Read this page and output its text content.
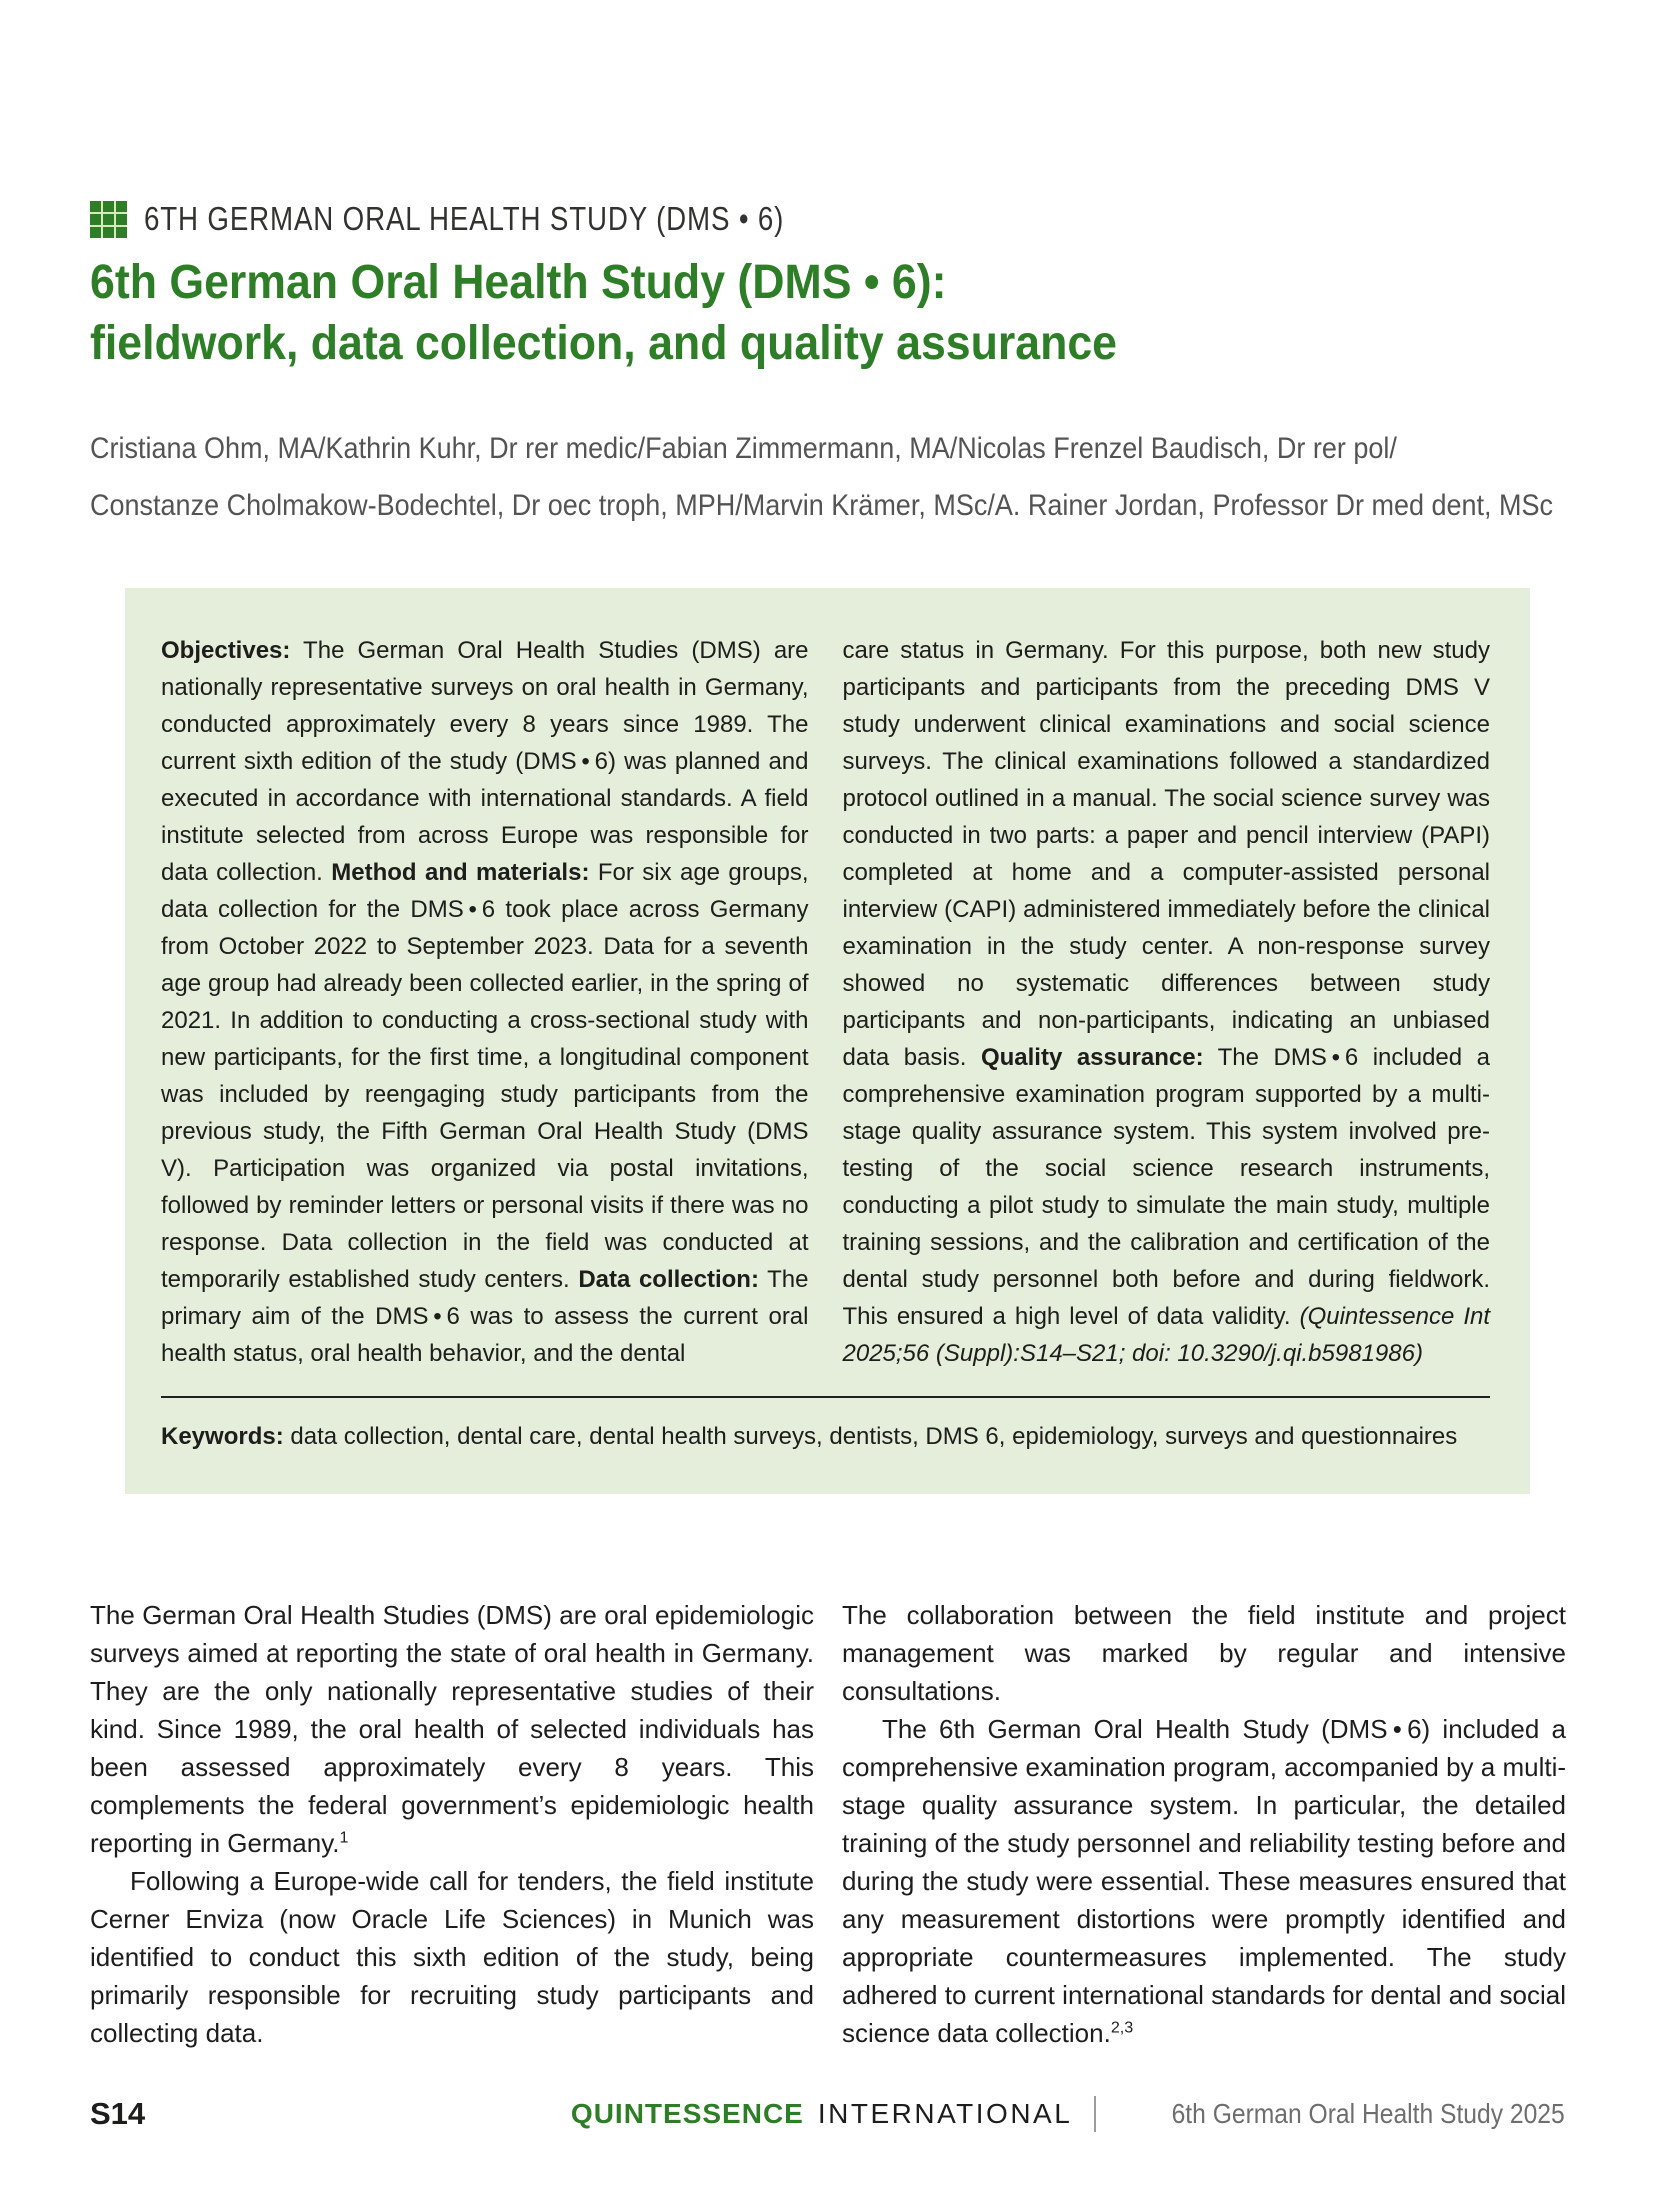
6TH GERMAN ORAL HEALTH STUDY (DMS • 6)
6th German Oral Health Study (DMS • 6):
fieldwork, data collection, and quality assurance
Cristiana Ohm, MA/Kathrin Kuhr, Dr rer medic/Fabian Zimmermann, MA/Nicolas Frenzel Baudisch, Dr rer pol/
Constanze Cholmakow-Bodechtel, Dr oec troph, MPH/Marvin Krämer, MSc/A. Rainer Jordan, Professor Dr med dent, MSc
Objectives: The German Oral Health Studies (DMS) are nationally representative surveys on oral health in Germany, conducted approximately every 8 years since 1989. The current sixth edition of the study (DMS • 6) was planned and executed in accordance with international standards. A field institute selected from across Europe was responsible for data collection. Method and materials: For six age groups, data collection for the DMS • 6 took place across Germany from October 2022 to September 2023. Data for a seventh age group had already been collected earlier, in the spring of 2021. In addition to conducting a cross-sectional study with new participants, for the first time, a longitudinal component was included by reengaging study participants from the previous study, the Fifth German Oral Health Study (DMS V). Participation was organized via postal invitations, followed by reminder letters or personal visits if there was no response. Data collection in the field was conducted at temporarily established study centers. Data collection: The primary aim of the DMS • 6 was to assess the current oral health status, oral health behavior, and the dental
care status in Germany. For this purpose, both new study participants and participants from the preceding DMS V study underwent clinical examinations and social science surveys. The clinical examinations followed a standardized protocol outlined in a manual. The social science survey was conducted in two parts: a paper and pencil interview (PAPI) completed at home and a computer-assisted personal interview (CAPI) administered immediately before the clinical examination in the study center. A non-response survey showed no systematic differences between study participants and non-participants, indicating an unbiased data basis. Quality assurance: The DMS • 6 included a comprehensive examination program supported by a multi-stage quality assurance system. This system involved pre-testing of the social science research instruments, conducting a pilot study to simulate the main study, multiple training sessions, and the calibration and certification of the dental study personnel both before and during fieldwork. This ensured a high level of data validity. (Quintessence Int 2025;56 (Suppl):S14–S21; doi: 10.3290/j.qi.b5981986)

Keywords: data collection, dental care, dental health surveys, dentists, DMS 6, epidemiology, surveys and questionnaires

The German Oral Health Studies (DMS) are oral epidemiologic surveys aimed at reporting the state of oral health in Germany. They are the only nationally representative studies of their kind. Since 1989, the oral health of selected individuals has been assessed approximately every 8 years. This complements the federal government’s epidemiologic health reporting in Germany.$^1$

Following a Europe-wide call for tenders, the field institute Cerner Enviza (now Oracle Life Sciences) in Munich was identified to conduct this sixth edition of the study, being primarily responsible for recruiting study participants and collecting data.

The collaboration between the field institute and project management was marked by regular and intensive consultations.

The 6th German Oral Health Study (DMS • 6) included a comprehensive examination program, accompanied by a multi-stage quality assurance system. In particular, the detailed training of the study personnel and reliability testing before and during the study were essential. These measures ensured that any measurement distortions were promptly identified and appropriate countermeasures implemented. The study adhered to current international standards for dental and social science data collection.$^{2,3}$

S14	QUINTESSENCE INTERNATIONAL	6th German Oral Health Study 2025
